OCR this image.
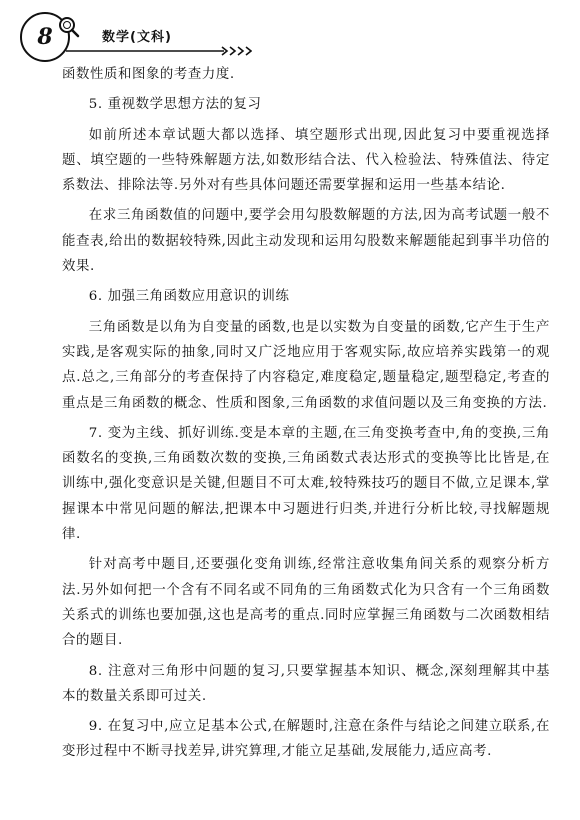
8	数学(文科)

函数性质和图象的考查力度.

5. 重视数学思想方法的复习

如前所述本章试题大都以选择、填空题形式出现,因此复习中要重视选择题、填空题的一些特殊解题方法,如数形结合法、代入检验法、特殊值法、待定系数法、排除法等.另外对有些具体问题还需要掌握和运用一些基本结论.

在求三角函数值的问题中,要学会用勾股数解题的方法,因为高考试题一般不能查表,给出的数据较特殊,因此主动发现和运用勾股数来解题能起到事半功倍的效果.

6. 加强三角函数应用意识的训练

三角函数是以角为自变量的函数,也是以实数为自变量的函数,它产生于生产实践,是客观实际的抽象,同时又广泛地应用于客观实际,故应培养实践第一的观点.总之,三角部分的考查保持了内容稳定,难度稳定,题量稳定,题型稳定,考查的重点是三角函数的概念、性质和图象,三角函数的求值问题以及三角变换的方法.

7. 变为主线、抓好训练.变是本章的主题,在三角变换考查中,角的变换,三角函数名的变换,三角函数次数的变换,三角函数式表达形式的变换等比比皆是,在训练中,强化变意识是关键,但题目不可太难,较特殊技巧的题目不做,立足课本,掌握课本中常见问题的解法,把课本中习题进行归类,并进行分析比较,寻找解题规律.

针对高考中题目,还要强化变角训练,经常注意收集角间关系的观察分析方法.另外如何把一个含有不同名或不同角的三角函数式化为只含有一个三角函数关系式的训练也要加强,这也是高考的重点.同时应掌握三角函数与二次函数相结合的题目.

8. 注意对三角形中问题的复习,只要掌握基本知识、概念,深刻理解其中基本的数量关系即可过关.

9. 在复习中,应立足基本公式,在解题时,注意在条件与结论之间建立联系,在变形过程中不断寻找差异,讲究算理,才能立足基础,发展能力,适应高考.
